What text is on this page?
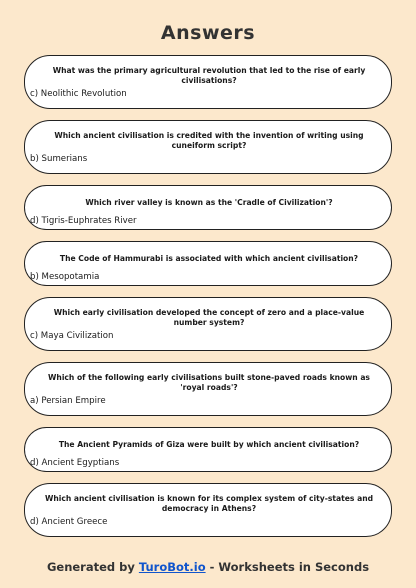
Answers
What was the primary agricultural revolution that led to the rise of early civilisations?
c) Neolithic Revolution
Which ancient civilisation is credited with the invention of writing using cuneiform script?
b) Sumerians
Which river valley is known as the 'Cradle of Civilization'?
d) Tigris-Euphrates River
The Code of Hammurabi is associated with which ancient civilisation?
b) Mesopotamia
Which early civilisation developed the concept of zero and a place-value number system?
c) Maya Civilization
Which of the following early civilisations built stone-paved roads known as 'royal roads'?
a) Persian Empire
The Ancient Pyramids of Giza were built by which ancient civilisation?
d) Ancient Egyptians
Which ancient civilisation is known for its complex system of city-states and democracy in Athens?
d) Ancient Greece
Generated by TuroBot.io - Worksheets in Seconds
